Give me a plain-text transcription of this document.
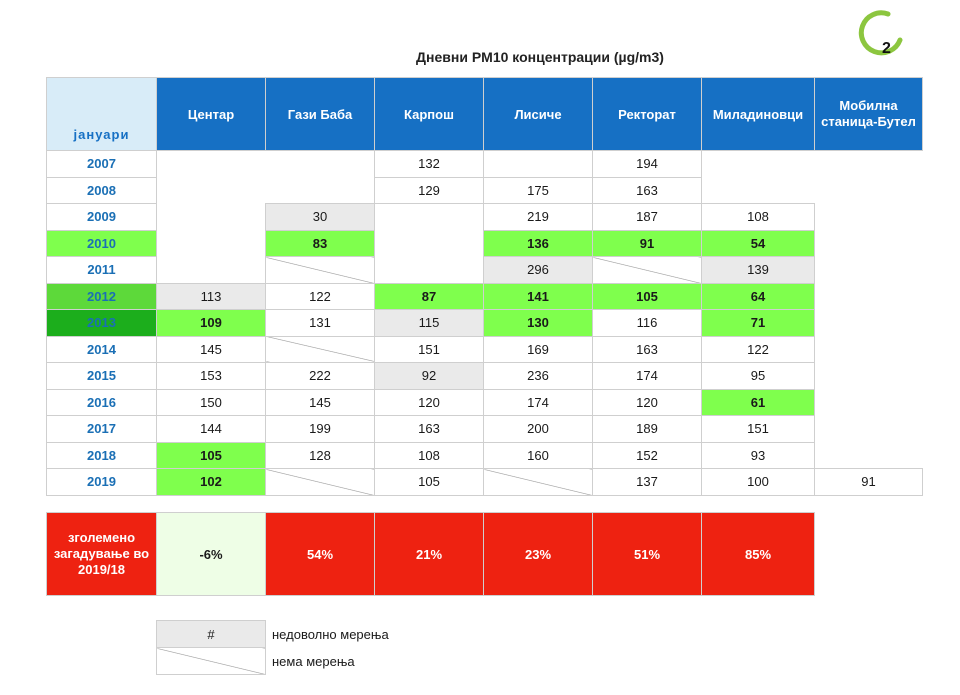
2
Дневни PM10 концентрации (µg/m3)
јануари	Центар	Гази Баба	Карпош	Лисиче	Ректорат	Миладиновци	Мобилна станица-Бутел
2007			132		194		
2008			129	175	163		
2009		30		219	187	108	
2010		83		136	91	54	
2011				296		139	
2012	113	122	87	141	105	64	
2013	109	131	115	130	116	71	
2014	145		151	169	163	122	
2015	153	222	92	236	174	95	
2016	150	145	120	174	120	61	
2017	144	199	163	200	189	151	
2018	105	128	108	160	152	93	
2019	102		105		137	100	91
зголемено загадување во 2019/18	-6%	54%	21%	23%	51%	85%
#	недоволно мерења
	нема мерења
